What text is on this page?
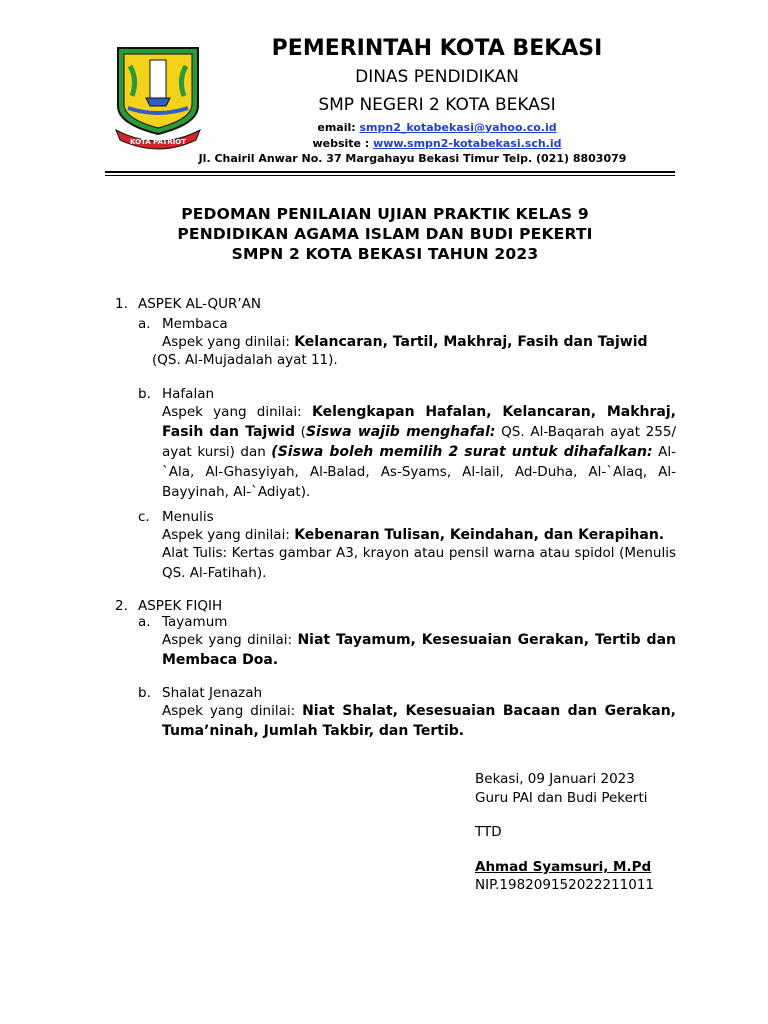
KOTA PATRIOT
PEMERINTAH KOTA BEKASI
DINAS PENDIDIKAN
SMP NEGERI 2 KOTA BEKASI
email: smpn2_kotabekasi@yahoo.co.id
website : www.smpn2-kotabekasi.sch.id
Jl. Chairil Anwar No. 37 Margahayu Bekasi Timur Telp. (021) 8803079
PEDOMAN PENILAIAN UJIAN PRAKTIK KELAS 9
PENDIDIKAN AGAMA ISLAM DAN BUDI PEKERTI
SMPN 2 KOTA BEKASI TAHUN 2023
1. ASPEK AL-QUR’AN
a. Membaca
Aspek yang dinilai: Kelancaran, Tartil, Makhraj, Fasih dan Tajwid
(QS. Al-Mujadalah ayat 11).
b. Hafalan
Aspek yang dinilai: Kelengkapan Hafalan, Kelancaran, Makhraj, Fasih dan Tajwid (Siswa wajib menghafal: QS. Al-Baqarah ayat 255/ ayat kursi) dan (Siswa boleh memilih 2 surat untuk dihafalkan: Al-`Ala, Al-Ghasyiyah, Al-Balad, As-Syams, Al-lail, Ad-Duha, Al-`Alaq, Al-Bayyinah, Al-`Adiyat).
c. Menulis
Aspek yang dinilai: Kebenaran Tulisan, Keindahan, dan Kerapihan.
Alat Tulis: Kertas gambar A3, krayon atau pensil warna atau spidol (Menulis QS. Al-Fatihah).
2. ASPEK FIQIH
a. Tayamum
Aspek yang dinilai: Niat Tayamum, Kesesuaian Gerakan, Tertib dan Membaca Doa.
b. Shalat Jenazah
Aspek yang dinilai: Niat Shalat, Kesesuaian Bacaan dan Gerakan, Tuma’ninah, Jumlah Takbir, dan Tertib.
Bekasi, 09 Januari 2023
Guru PAI dan Budi Pekerti
TTD
Ahmad Syamsuri, M.Pd
NIP.198209152022211011
